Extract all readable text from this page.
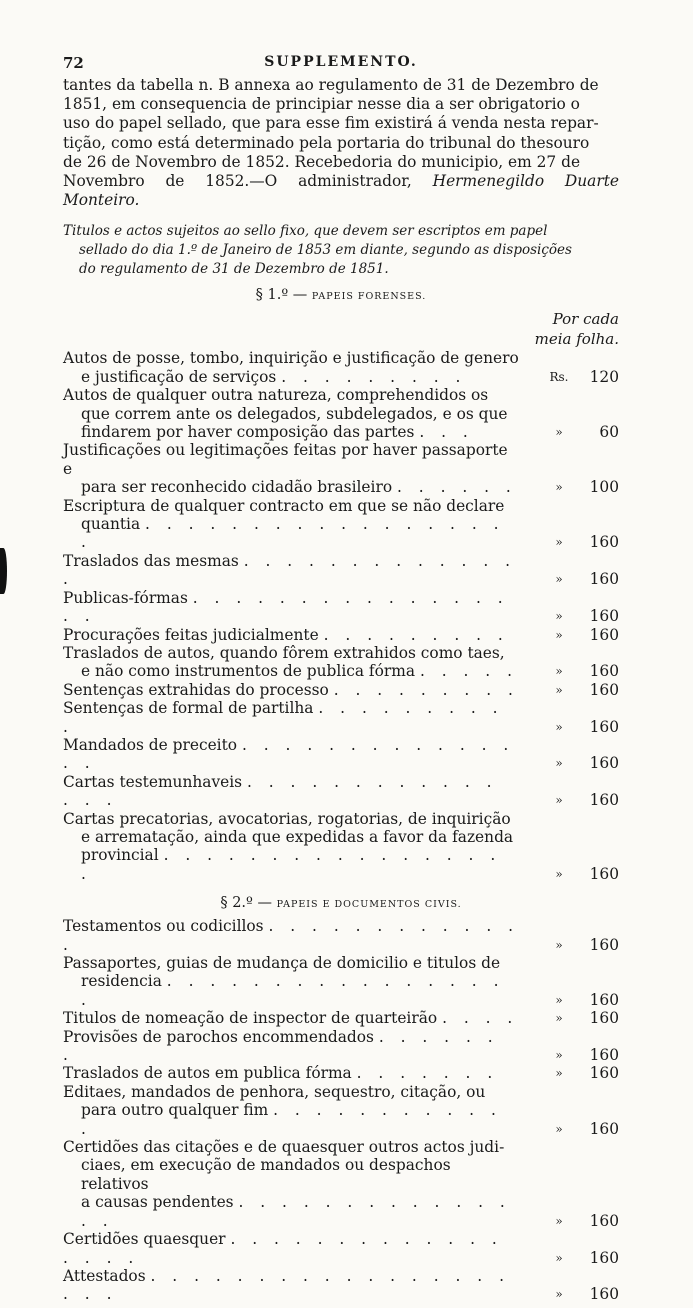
72	SUPPLEMENTO.
tantes da tabella n. B annexa ao regulamento de 31 de Dezembro de
1851, em consequencia de principiar nesse dia a ser obrigatorio o
uso do papel sellado, que para esse fim existirá á venda nesta repar-
tição, como está determinado pela portaria do tribunal do thesouro
de 26 de Novembro de 1852. Recebedoria do municipio, em 27 de
Novembro de 1852.—O administrador, Hermenegildo Duarte Monteiro.
Titulos e actos sujeitos ao sello fixo, que devem ser escriptos em papel

sellado do dia 1.º de Janeiro de 1853 em diante, segundo as disposições
do regulamento de 31 de Dezembro de 1851.
§ 1.º — PAPEIS FORENSES.
Por cada
meia folha.
Autos de posse, tombo, inquirição e justificação de genero
e justificação de serviços . . . . . . . . .	Rs.	120
Autos de qualquer outra natureza, comprehendidos os
que correm ante os delegados, subdelegados, e os que
findarem por haver composição das partes . . .	»	60
Justificações ou legitimações feitas por haver passaporte e
para ser reconhecido cidadão brasileiro . . . . . .	»	100
Escriptura de qualquer contracto em que se não declare
quantia . . . . . . . . . . . . . . . . . .	»	160
Traslados das mesmas . . . . . . . . . . . . . .	»	160
Publicas-fórmas . . . . . . . . . . . . . . . . .	»	160
Procurações feitas judicialmente . . . . . . . . .	»	160
Traslados de autos, quando fôrem extrahidos como taes,
e não como instrumentos de publica fórma . . . . .	»	160
Sentenças extrahidas do processo . . . . . . . . .	»	160
Sentenças de formal de partilha . . . . . . . . . .	»	160
Mandados de preceito . . . . . . . . . . . . . . .	»	160
Cartas testemunhaveis . . . . . . . . . . . . . . .	»	160
Cartas precatorias, avocatorias, rogatorias, de inquirição
e arrematação, ainda que expedidas a favor da fazenda
provincial . . . . . . . . . . . . . . . . .	»	160
§ 2.º — PAPEIS E DOCUMENTOS CIVIS.
Testamentos ou codicillos . . . . . . . . . . . . .	»	160
Passaportes, guias de mudança de domicilio e titulos de
residencia . . . . . . . . . . . . . . . . .	»	160
Titulos de nomeação de inspector de quarteirão . . . .	»	160
Provisões de parochos encommendados . . . . . . .	»	160
Traslados de autos em publica fórma . . . . . . .	»	160
Editaes, mandados de penhora, sequestro, citação, ou
para outro qualquer fim . . . . . . . . . . . .	»	160
Certidões das citações e de quaesquer outros actos judi-
ciaes, em execução de mandados ou despachos relativos
a causas pendentes . . . . . . . . . . . . . . .	»	160
Certidões quaesquer . . . . . . . . . . . . . . . . .	»	160
Attestados . . . . . . . . . . . . . . . . . . . .	»	160
